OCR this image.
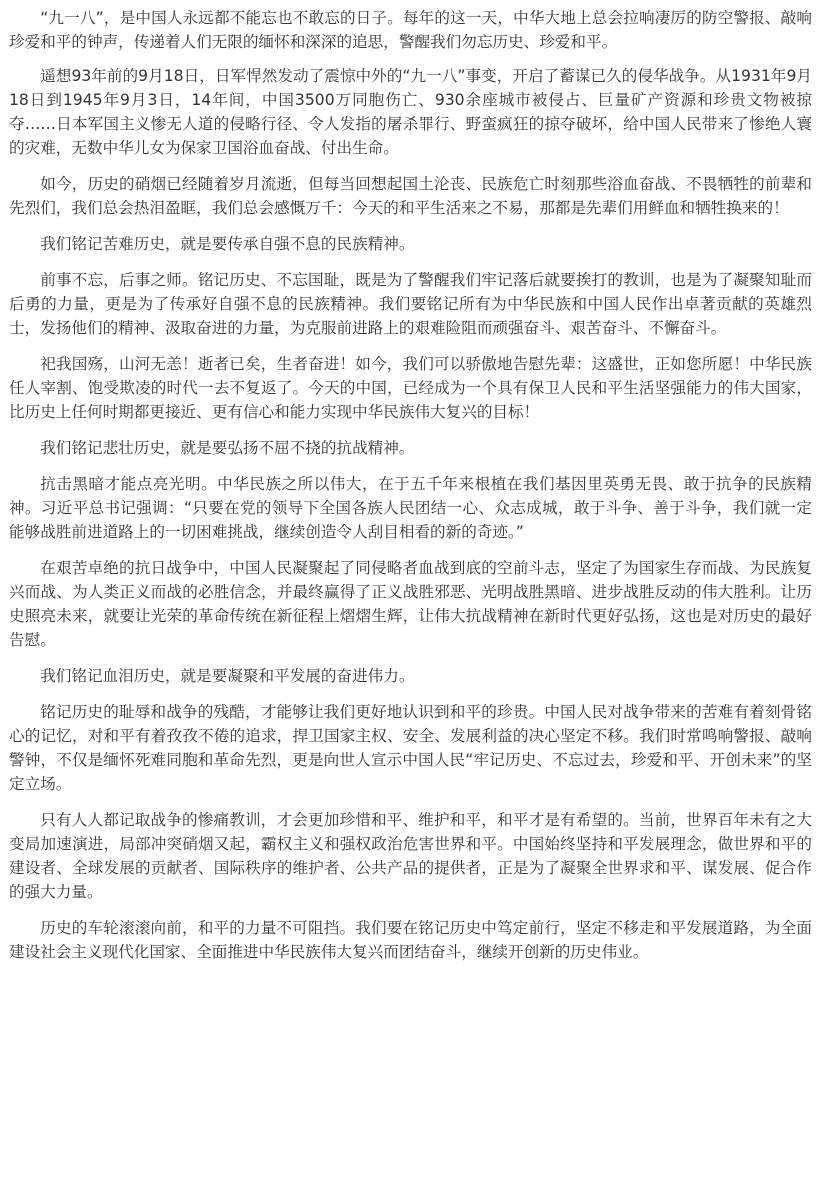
“九一八”，是中国人永远都不能忘也不敢忘的日子。每年的这一天，中华大地上总会拉响凄厉的防空警报、敲响珍爱和平的钟声，传递着人们无限的缅怀和深深的追思，警醒我们勿忘历史、珍爱和平。

遥想93年前的9月18日，日军悍然发动了震惊中外的“九一八”事变，开启了蓄谋已久的侵华战争。从1931年9月18日到1945年9月3日，14年间，中国3500万同胞伤亡、930余座城市被侵占、巨量矿产资源和珍贵文物被掠夺……日本军国主义惨无人道的侵略行径、令人发指的屠杀罪行、野蛮疯狂的掠夺破坏，给中国人民带来了惨绝人寰的灾难，无数中华儿女为保家卫国浴血奋战、付出生命。

如今，历史的硝烟已经随着岁月流逝，但每当回想起国土沦丧、民族危亡时刻那些浴血奋战、不畏牺牲的前辈和先烈们，我们总会热泪盈眶，我们总会感慨万千：今天的和平生活来之不易，那都是先辈们用鲜血和牺牲换来的！

我们铭记苦难历史，就是要传承自强不息的民族精神。

前事不忘，后事之师。铭记历史、不忘国耻，既是为了警醒我们牢记落后就要挨打的教训，也是为了凝聚知耻而后勇的力量，更是为了传承好自强不息的民族精神。我们要铭记所有为中华民族和中国人民作出卓著贡献的英雄烈士，发扬他们的精神、汲取奋进的力量，为克服前进路上的艰难险阻而顽强奋斗、艰苦奋斗、不懈奋斗。

祀我国殇，山河无恙！逝者已矣，生者奋进！如今，我们可以骄傲地告慰先辈：这盛世，正如您所愿！中华民族任人宰割、饱受欺凌的时代一去不复返了。今天的中国，已经成为一个具有保卫人民和平生活坚强能力的伟大国家，比历史上任何时期都更接近、更有信心和能力实现中华民族伟大复兴的目标！

我们铭记悲壮历史，就是要弘扬不屈不挠的抗战精神。

抗击黑暗才能点亮光明。中华民族之所以伟大，在于五千年来根植在我们基因里英勇无畏、敢于抗争的民族精神。习近平总书记强调：“只要在党的领导下全国各族人民团结一心、众志成城，敢于斗争、善于斗争，我们就一定能够战胜前进道路上的一切困难挑战，继续创造令人刮目相看的新的奇迹。”

在艰苦卓绝的抗日战争中，中国人民凝聚起了同侵略者血战到底的空前斗志，坚定了为国家生存而战、为民族复兴而战、为人类正义而战的必胜信念，并最终赢得了正义战胜邪恶、光明战胜黑暗、进步战胜反动的伟大胜利。让历史照亮未来，就要让光荣的革命传统在新征程上熠熠生辉，让伟大抗战精神在新时代更好弘扬，这也是对历史的最好告慰。

我们铭记血泪历史，就是要凝聚和平发展的奋进伟力。

铭记历史的耻辱和战争的残酷，才能够让我们更好地认识到和平的珍贵。中国人民对战争带来的苦难有着刻骨铭心的记忆，对和平有着孜孜不倦的追求，捍卫国家主权、安全、发展利益的决心坚定不移。我们时常鸣响警报、敲响警钟，不仅是缅怀死难同胞和革命先烈，更是向世人宣示中国人民“牢记历史、不忘过去，珍爱和平、开创未来”的坚定立场。

只有人人都记取战争的惨痛教训，才会更加珍惜和平、维护和平，和平才是有希望的。当前，世界百年未有之大变局加速演进，局部冲突硝烟又起，霸权主义和强权政治危害世界和平。中国始终坚持和平发展理念，做世界和平的建设者、全球发展的贡献者、国际秩序的维护者、公共产品的提供者，正是为了凝聚全世界求和平、谋发展、促合作的强大力量。

历史的车轮滚滚向前，和平的力量不可阻挡。我们要在铭记历史中笃定前行，坚定不移走和平发展道路，为全面建设社会主义现代化国家、全面推进中华民族伟大复兴而团结奋斗，继续开创新的历史伟业。
